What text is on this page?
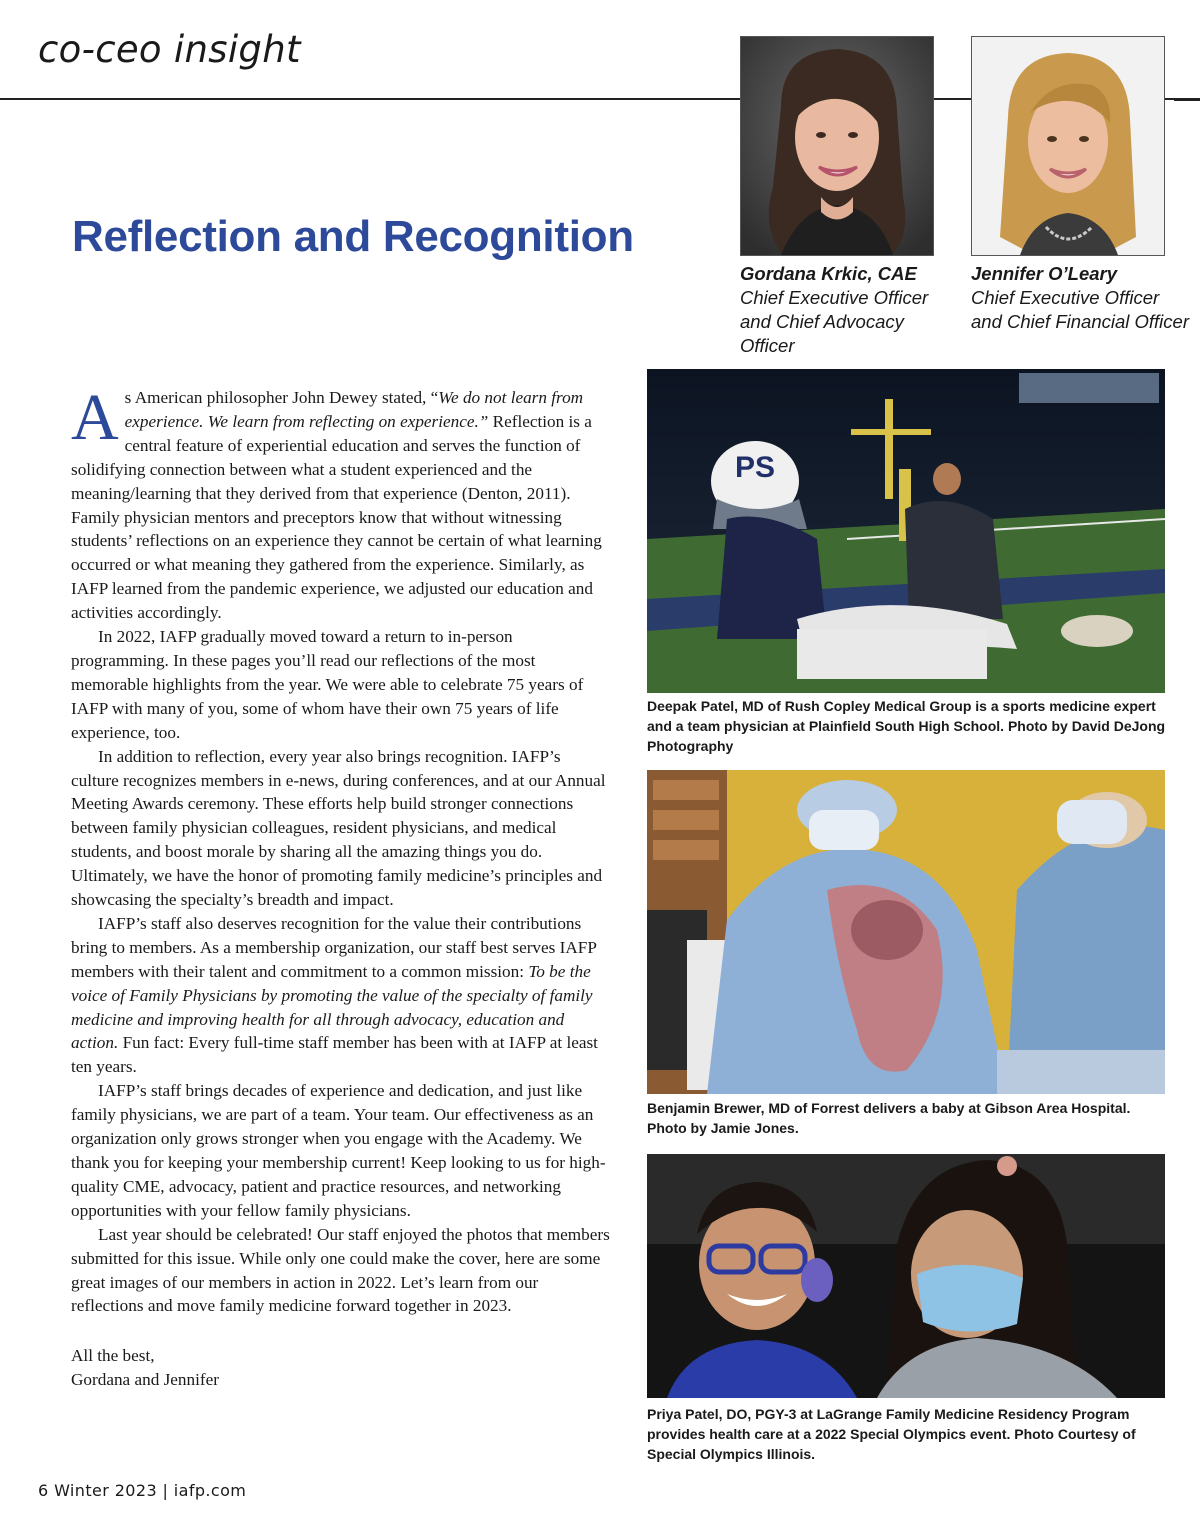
co-ceo insight
Reflection and Recognition
Gordana Krkic, CAE
Chief Executive Officer and Chief Advocacy Officer
Jennifer O’Leary
Chief Executive Officer and Chief Financial Officer

As American philosopher John Dewey stated, “We do not learn from experience. We learn from reflecting on experience.” Reflection is a central feature of experiential education and serves the function of solidifying connection between what a student experienced and the meaning/learning that they derived from that experience (Denton, 2011). Family physician mentors and preceptors know that without witnessing students’ reflections on an experience they cannot be certain of what learning occurred or what meaning they gathered from the experience. Similarly, as IAFP learned from the pandemic experience, we adjusted our education and activities accordingly.

In 2022, IAFP gradually moved toward a return to in-person programming. In these pages you’ll read our reflections of the most memorable highlights from the year. We were able to celebrate 75 years of IAFP with many of you, some of whom have their own 75 years of life experience, too.

In addition to reflection, every year also brings recognition. IAFP’s culture recognizes members in e-news, during conferences, and at our Annual Meeting Awards ceremony. These efforts help build stronger connections between family physician colleagues, resident physicians, and medical students, and boost morale by sharing all the amazing things you do. Ultimately, we have the honor of promoting family medicine’s principles and showcasing the specialty’s breadth and impact.

IAFP’s staff also deserves recognition for the value their contributions bring to members. As a membership organization, our staff best serves IAFP members with their talent and commitment to a common mission: To be the voice of Family Physicians by promoting the value of the specialty of family medicine and improving health for all through advocacy, education and action. Fun fact: Every full-time staff member has been with at IAFP at least ten years.

IAFP’s staff brings decades of experience and dedication, and just like family physicians, we are part of a team. Your team. Our effectiveness as an organization only grows stronger when you engage with the Academy. We thank you for keeping your membership current! Keep looking to us for high- quality CME, advocacy, patient and practice resources, and networking opportunities with your fellow family physicians.

Last year should be celebrated! Our staff enjoyed the photos that members submitted for this issue. While only one could make the cover, here are some great images of our members in action in 2022. Let’s learn from our reflections and move family medicine forward together in 2023.

All the best,
Gordana and Jennifer
PS
Deepak Patel, MD of Rush Copley Medical Group is a sports medicine expert and a team physician at Plainfield South High School. Photo by David DeJong Photography
Benjamin Brewer, MD of Forrest delivers a baby at Gibson Area Hospital. Photo by Jamie Jones.
Priya Patel, DO, PGY-3 at LaGrange Family Medicine Residency Program provides health care at a 2022 Special Olympics event. Photo Courtesy of Special Olympics Illinois.
6 Winter 2023 | iafp.com
